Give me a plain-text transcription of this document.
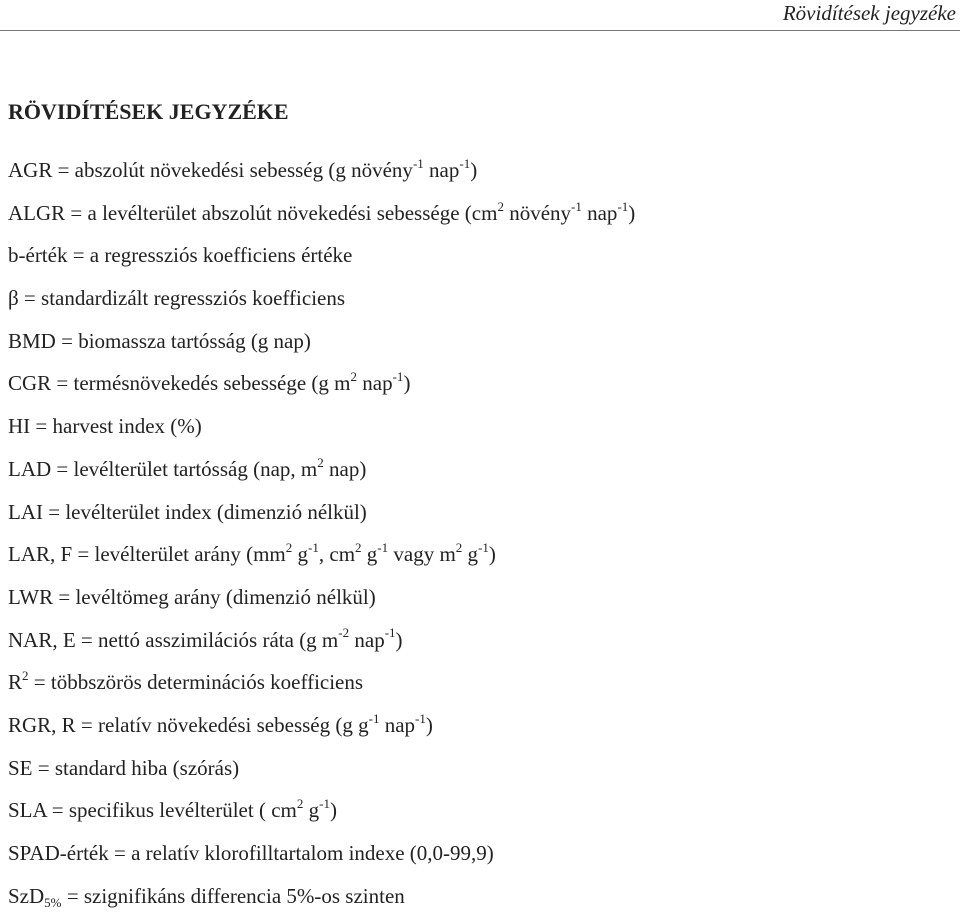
Rövidítések jegyzéke
RÖVIDÍTÉSEK JEGYZÉKE
AGR = abszolút növekedési sebesség (g növény$^{-1}$ nap$^{-1}$)
ALGR = a levélterület abszolút növekedési sebessége ($cm^2$ növény$^{-1}$ nap$^{-1}$)
b-érték = a regressziós koefficiens értéke
β = standardizált regressziós koefficiens
BMD = biomassza tartósság (g nap)
CGR = termésnövekedés sebessége (g $m^2$ nap$^{-1}$)
HI = harvest index (%)
LAD = levélterület tartósság (nap, $m^2$ nap)
LAI = levélterület index (dimenzió nélkül)
LAR, F = levélterület arány ($mm^2$ $g^{-1}$, $cm^2$ $g^{-1}$ vagy $m^2$ $g^{-1}$)
LWR = levéltömeg arány (dimenzió nélkül)
NAR, E = nettó asszimilációs ráta (g $m^{-2}$ nap$^{-1}$)
$R^2$ = többszörös determinációs koefficiens
RGR, R = relatív növekedési sebesség (g $g^{-1}$ nap$^{-1}$)
SE = standard hiba (szórás)
SLA = specifikus levélterület ( $cm^2$ $g^{-1}$)
SPAD-érték = a relatív klorofilltartalom indexe (0,0-99,9)
SzD$_{5\%}$ = szignifikáns differencia 5%-os szinten
